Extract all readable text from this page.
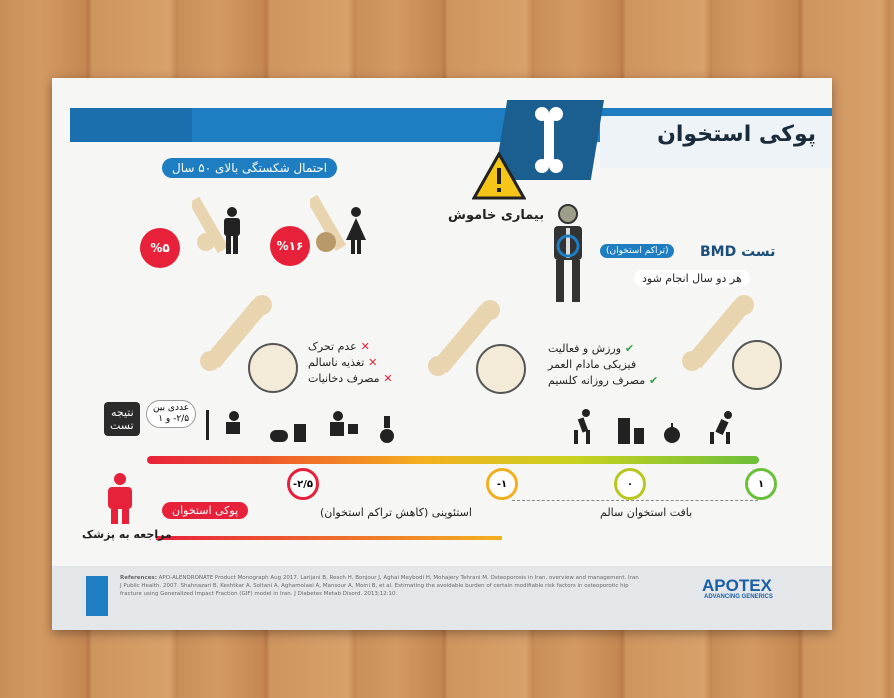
پوکی استخوان
بیماری خاموش
احتمال شکستگی بالای ۵۰ سال
%۵	%۱۶	تست BMD
(تراکم استخوان)
هر دو سال انجام شود
✕ عدم تحرک
✕ تغذیه ناسالم
✕ مصرف دخانیات
✔ ورزش و فعالیت
فیزیکی مادام العمر
✔ مصرف روزانه کلسیم
نتیجه
تست
عددی بین
۲/۵- و ۱
-۲/۵	-۱	۰	۱
پوکی استخوان	استئوپنی (کاهش تراکم استخوان)	بافت استخوان سالم
مراجعه به پزشک
References: APO-ALENDRONATE Product Monograph Aug 2017. Larijani B, Resch H, Bonjour J, Aghai Meybodi H, Mohajery Tehrani M. Osteoporosis in Iran, overview and management. Iran J Public Health. 2007. Shahnazari B, Keshtkar A, Soltani A, Aghamolaei A, Mansour A, Moini B, et al. Estimating the avoidable burden of certain modifiable risk factors in osteoporotic hip fracture using Generalized Impact Fraction (GIF) model in Iran. J Diabetes Metab Disord. 2013;12:10.	APOTEX
ADVANCING GENERICS
